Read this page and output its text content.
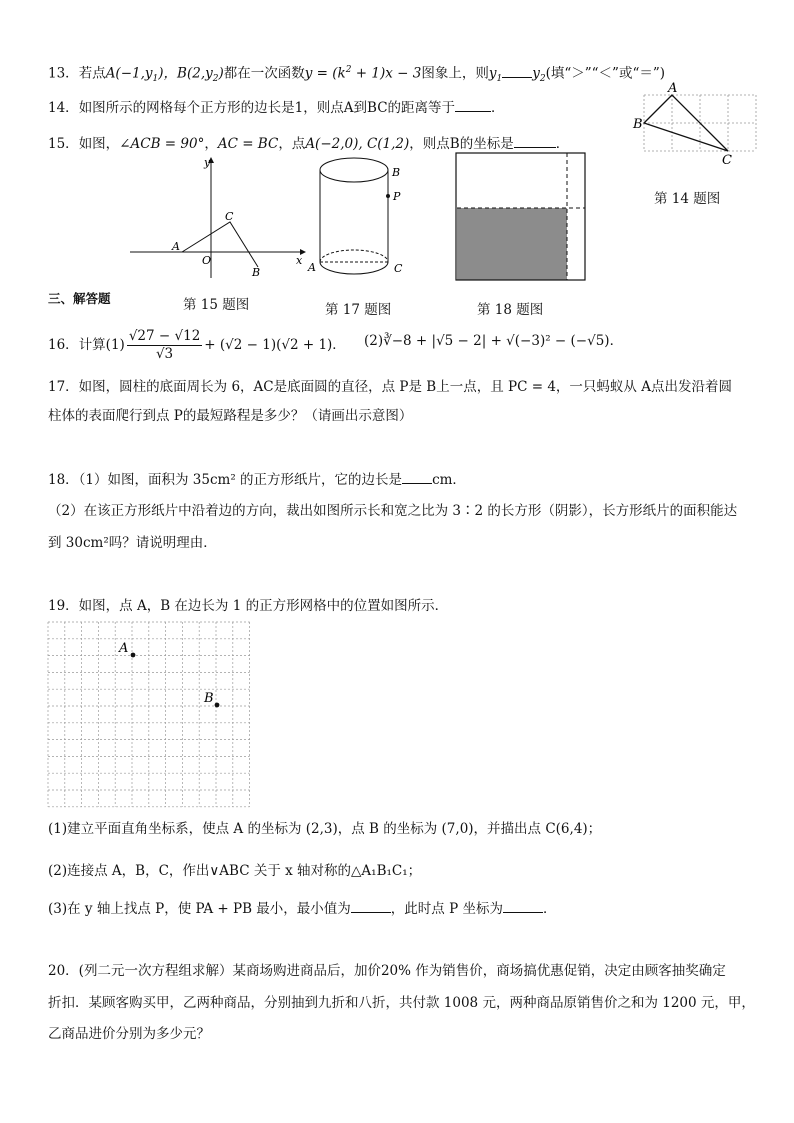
13．若点$A(-1,y_1)$，$B(2,y_2)$都在一次函数$y = (k^2 + 1)x - 3$图象上，则$y_1$ $y_2$(填“＞”“＜”或“＝”)
14．如图所示的网格每个正方形的边长是1，则点A到BC的距离等于	．
15．如图，∠ACB = 90°，AC = BC，点A(−2,0), C(1,2)，则点B的坐标是	．
A
B
C
第 14 题图
y
x
O
A
C
B
第 15 题图
B
P
A	C
第 17 题图	第 18 题图
三、解答题
16．计算$(1) \frac{√27 - √12}{√3} + (√2 - 1)(√2 + 1)$． (2)∛−8 + |√5 − 2| + √(−3)² − (−√5)．
17．如图，圆柱的底面周长为 6，AC是底面圆的直径，点 P是 B上一点，且 PC = 4，一只蚂蚁从 A点出发沿着圆
柱体的表面爬行到点 P的最短路程是多少？（请画出示意图）
18．（1）如图，面积为 35cm² 的正方形纸片，它的边长是 cm．
（2）在该正方形纸片中沿着边的方向，裁出如图所示长和宽之比为 3∶2 的长方形（阴影），长方形纸片的面积能达
到 30cm²吗？请说明理由．
19．如图，点 A，B 在边长为 1 的正方形网格中的位置如图所示．
A
B
(1)建立平面直角坐标系，使点 A 的坐标为 (2,3)，点 B 的坐标为 (7,0)，并描出点 C(6,4)；
(2)连接点 A，B，C，作出∨ABC 关于 x 轴对称的△A₁B₁C₁；
(3)在 y 轴上找点 P，使 PA + PB 最小，最小值为	，此时点 P 坐标为	．
20．(列二元一次方程组求解）某商场购进商品后，加价20% 作为销售价，商场搞优惠促销，决定由顾客抽奖确定
折扣．某顾客购买甲，乙两种商品，分别抽到九折和八折，共付款 1008 元，两种商品原销售价之和为 1200 元，甲，
乙商品进价分别为多少元？
